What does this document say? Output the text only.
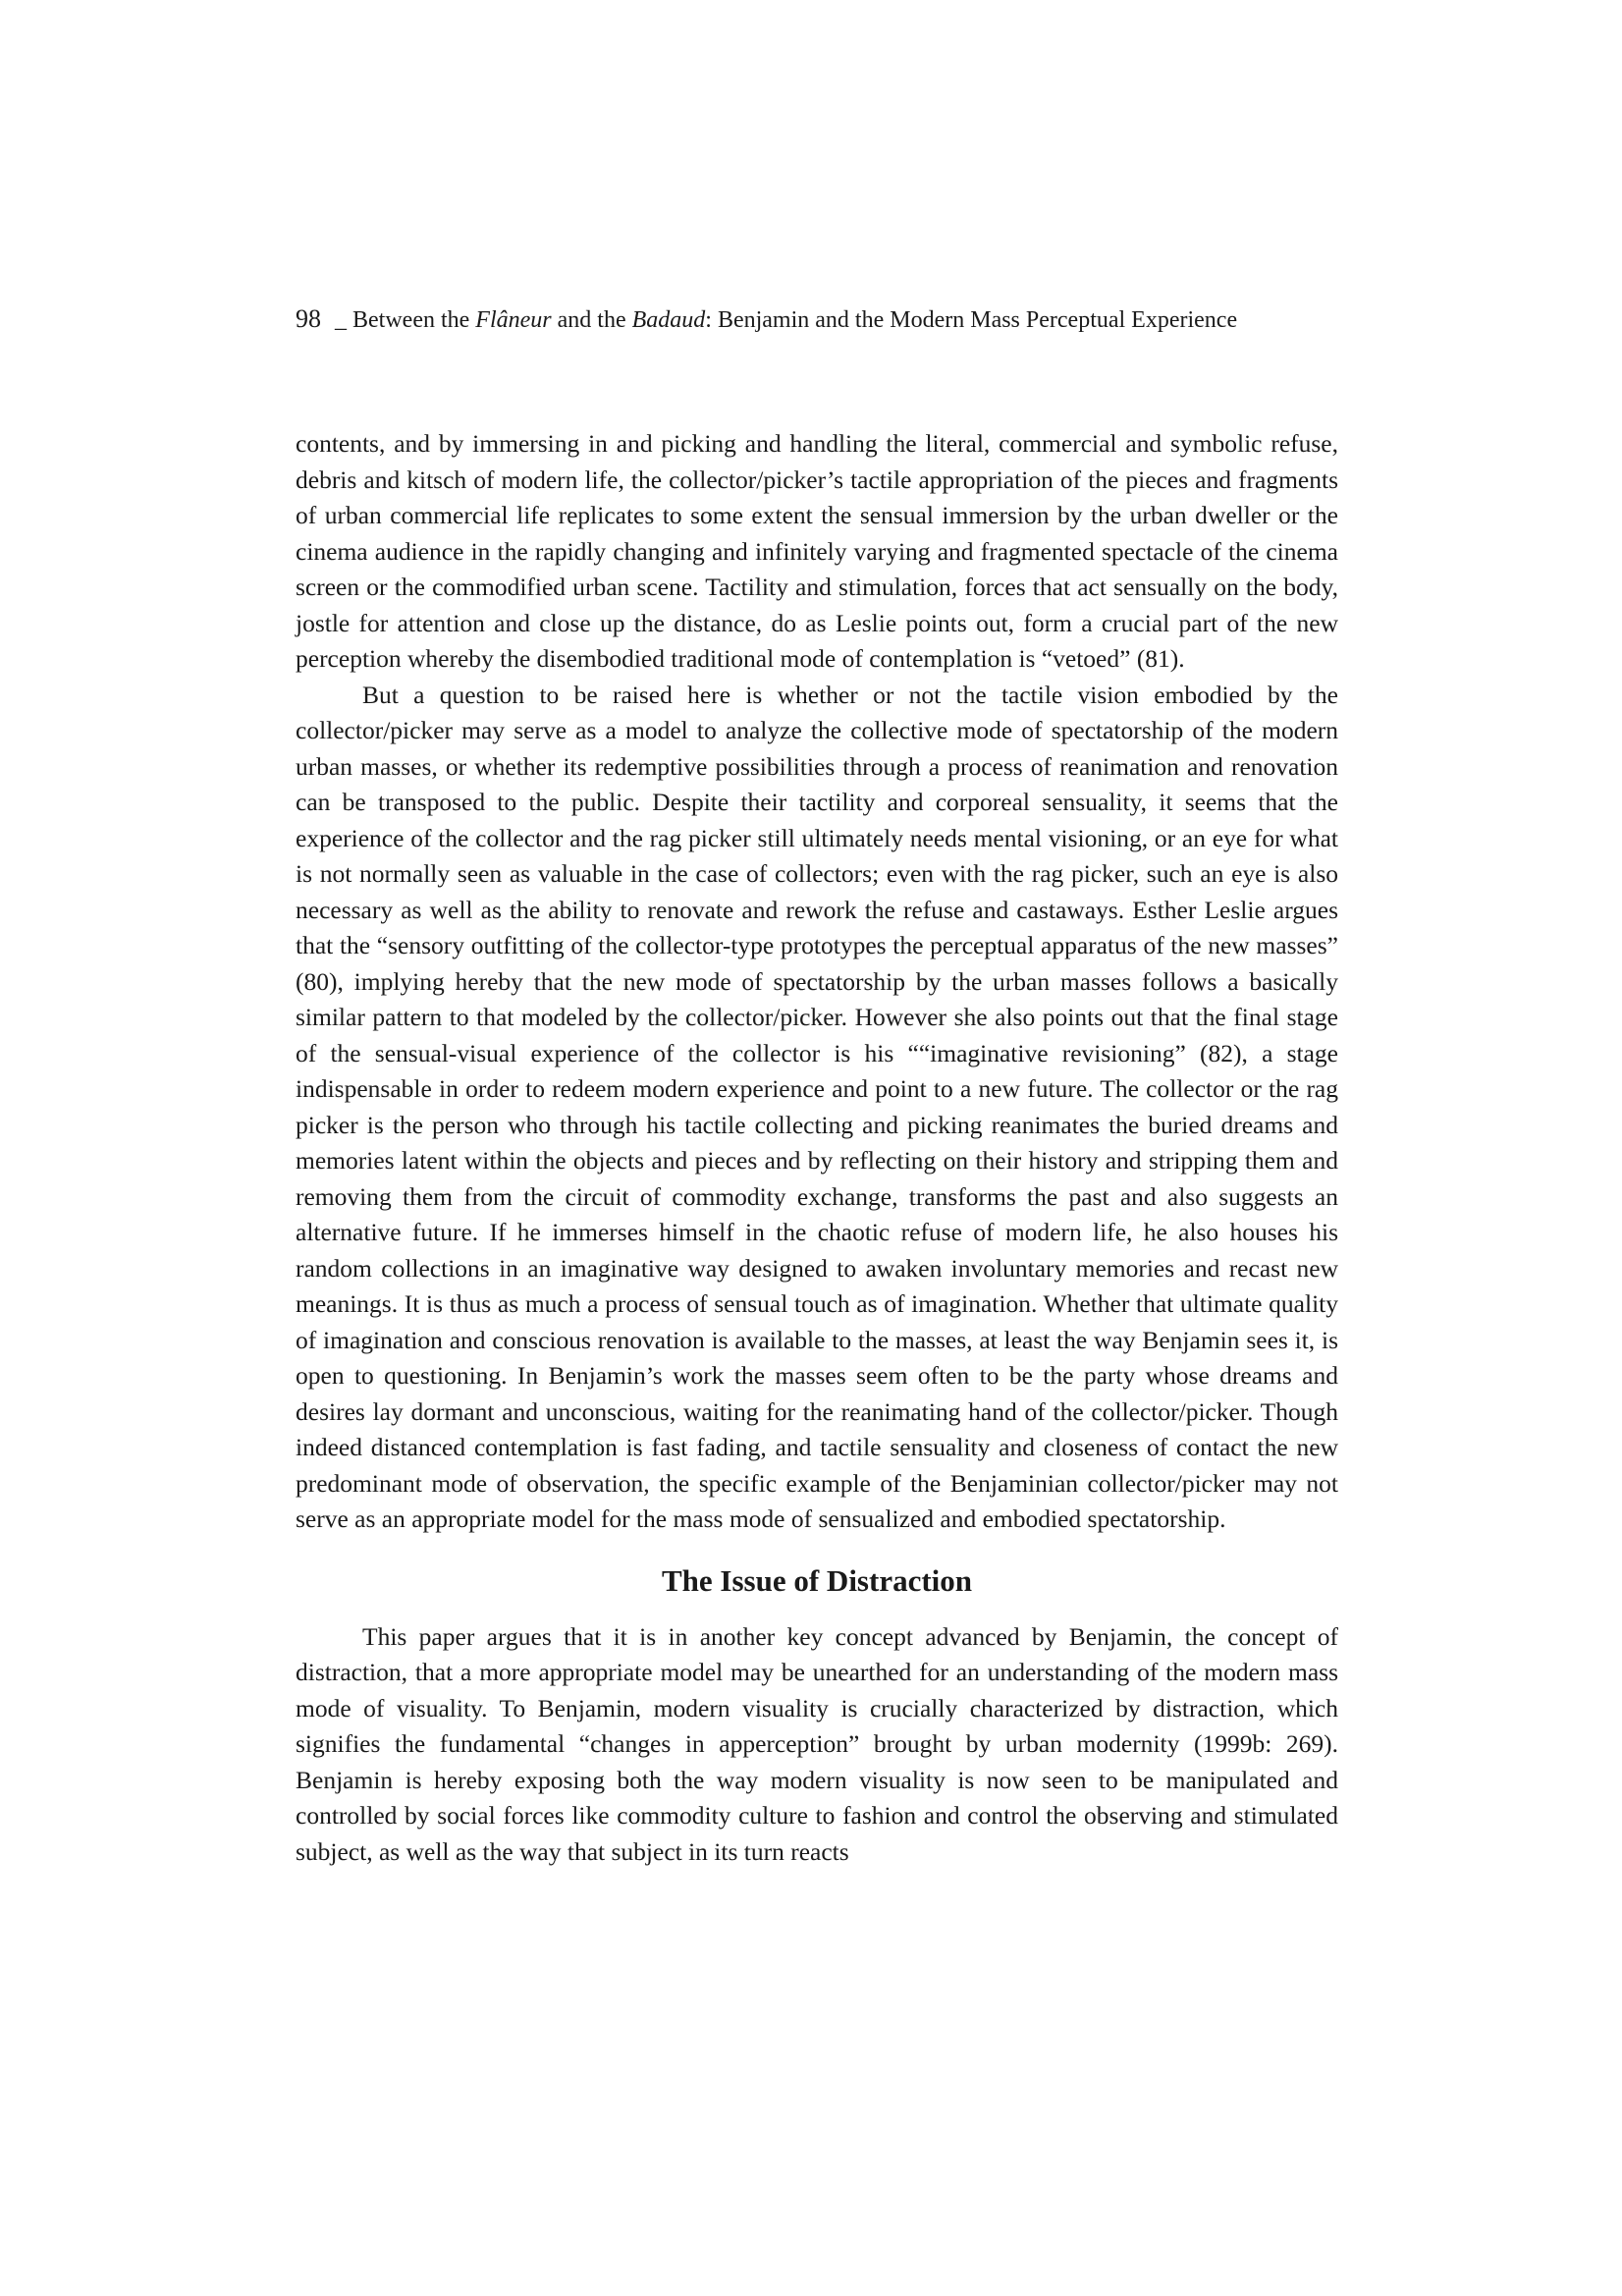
98 _ Between the Flâneur and the Badaud: Benjamin and the Modern Mass Perceptual Experience

contents, and by immersing in and picking and handling the literal, commercial and symbolic refuse, debris and kitsch of modern life, the collector/picker’s tactile appropriation of the pieces and fragments of urban commercial life replicates to some extent the sensual immersion by the urban dweller or the cinema audience in the rapidly changing and infinitely varying and fragmented spectacle of the cinema screen or the commodified urban scene. Tactility and stimulation, forces that act sensually on the body, jostle for attention and close up the distance, do as Leslie points out, form a crucial part of the new perception whereby the disembodied traditional mode of contemplation is “vetoed” (81).

But a question to be raised here is whether or not the tactile vision embodied by the collector/picker may serve as a model to analyze the collective mode of spectatorship of the modern urban masses, or whether its redemptive possibilities through a process of reanimation and renovation can be transposed to the public. Despite their tactility and corporeal sensuality, it seems that the experience of the collector and the rag picker still ultimately needs mental visioning, or an eye for what is not normally seen as valuable in the case of collectors; even with the rag picker, such an eye is also necessary as well as the ability to renovate and rework the refuse and castaways. Esther Leslie argues that the “sensory outfitting of the collector-type prototypes the perceptual apparatus of the new masses” (80), implying hereby that the new mode of spectatorship by the urban masses follows a basically similar pattern to that modeled by the collector/picker. However she also points out that the final stage of the sensual-visual experience of the collector is his ““imaginative revisioning” (82), a stage indispensable in order to redeem modern experience and point to a new future. The collector or the rag picker is the person who through his tactile collecting and picking reanimates the buried dreams and memories latent within the objects and pieces and by reflecting on their history and stripping them and removing them from the circuit of commodity exchange, transforms the past and also suggests an alternative future. If he immerses himself in the chaotic refuse of modern life, he also houses his random collections in an imaginative way designed to awaken involuntary memories and recast new meanings. It is thus as much a process of sensual touch as of imagination. Whether that ultimate quality of imagination and conscious renovation is available to the masses, at least the way Benjamin sees it, is open to questioning. In Benjamin’s work the masses seem often to be the party whose dreams and desires lay dormant and unconscious, waiting for the reanimating hand of the collector/picker. Though indeed distanced contemplation is fast fading, and tactile sensuality and closeness of contact the new predominant mode of observation, the specific example of the Benjaminian collector/picker may not serve as an appropriate model for the mass mode of sensualized and embodied spectatorship.

The Issue of Distraction

This paper argues that it is in another key concept advanced by Benjamin, the concept of distraction, that a more appropriate model may be unearthed for an understanding of the modern mass mode of visuality. To Benjamin, modern visuality is crucially characterized by distraction, which signifies the fundamental “changes in apperception” brought by urban modernity (1999b: 269). Benjamin is hereby exposing both the way modern visuality is now seen to be manipulated and controlled by social forces like commodity culture to fashion and control the observing and stimulated subject, as well as the way that subject in its turn reacts
